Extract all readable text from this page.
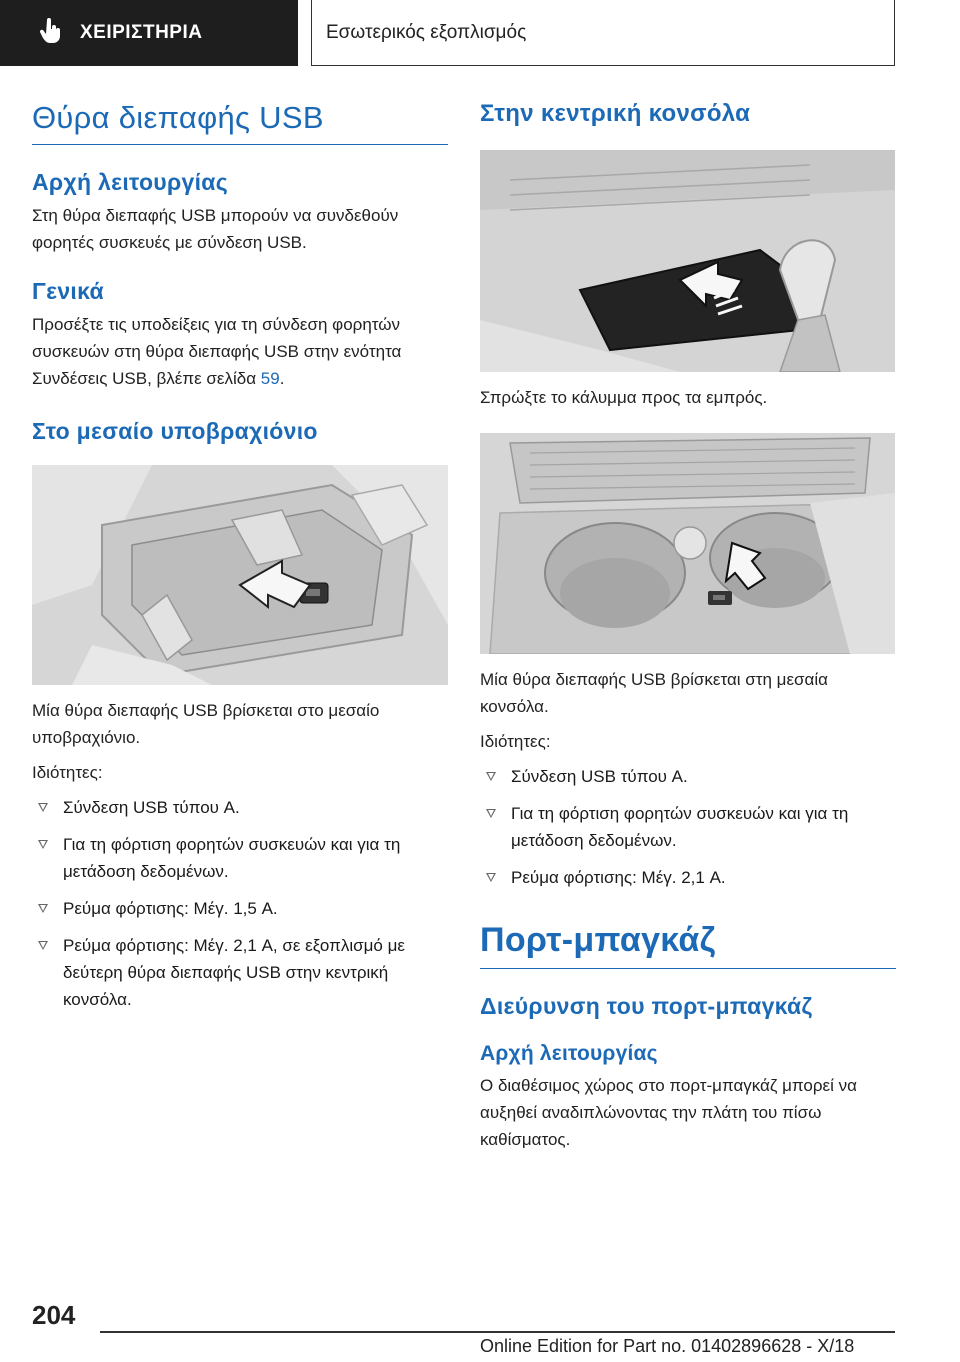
ΧΕΙΡΙΣΤΗΡΙΑ	Εσωτερικός εξοπλισμός
Θύρα διεπαφής USB
Αρχή λειτουργίας
Στη θύρα διεπαφής USB μπορούν να συνδεθούν φορητές συσκευές με σύνδεση USB.
Γενικά
Προσέξτε τις υποδείξεις για τη σύνδεση φορητών συσκευών στη θύρα διεπαφής USB στην ενότητα Συνδέσεις USB, βλέπε σελίδα 59.
Στο μεσαίο υποβραχιόνιο
Μία θύρα διεπαφής USB βρίσκεται στο μεσαίο υποβραχιόνιο.
Ιδιότητες:
Σύνδεση USB τύπου A.
Για τη φόρτιση φορητών συσκευών και για τη μετάδοση δεδομένων.
Ρεύμα φόρτισης: Μέγ. 1,5 A.
Ρεύμα φόρτισης: Μέγ. 2,1 A, σε εξοπλισμό με δεύτερη θύρα διεπαφής USB στην κεντρική κονσόλα.
Στην κεντρική κονσόλα
Σπρώξτε το κάλυμμα προς τα εμπρός.
Μία θύρα διεπαφής USB βρίσκεται στη μεσαία κονσόλα.
Ιδιότητες:
Σύνδεση USB τύπου A.
Για τη φόρτιση φορητών συσκευών και για τη μετάδοση δεδομένων.
Ρεύμα φόρτισης: Μέγ. 2,1 A.
Πορτ-μπαγκάζ
Διεύρυνση του πορτ-μπαγκάζ
Αρχή λειτουργίας
Ο διαθέσιμος χώρος στο πορτ-μπαγκάζ μπορεί να αυξηθεί αναδιπλώνοντας την πλάτη του πίσω καθίσματος.
204
Online Edition for Part no. 01402896628 - X/18
